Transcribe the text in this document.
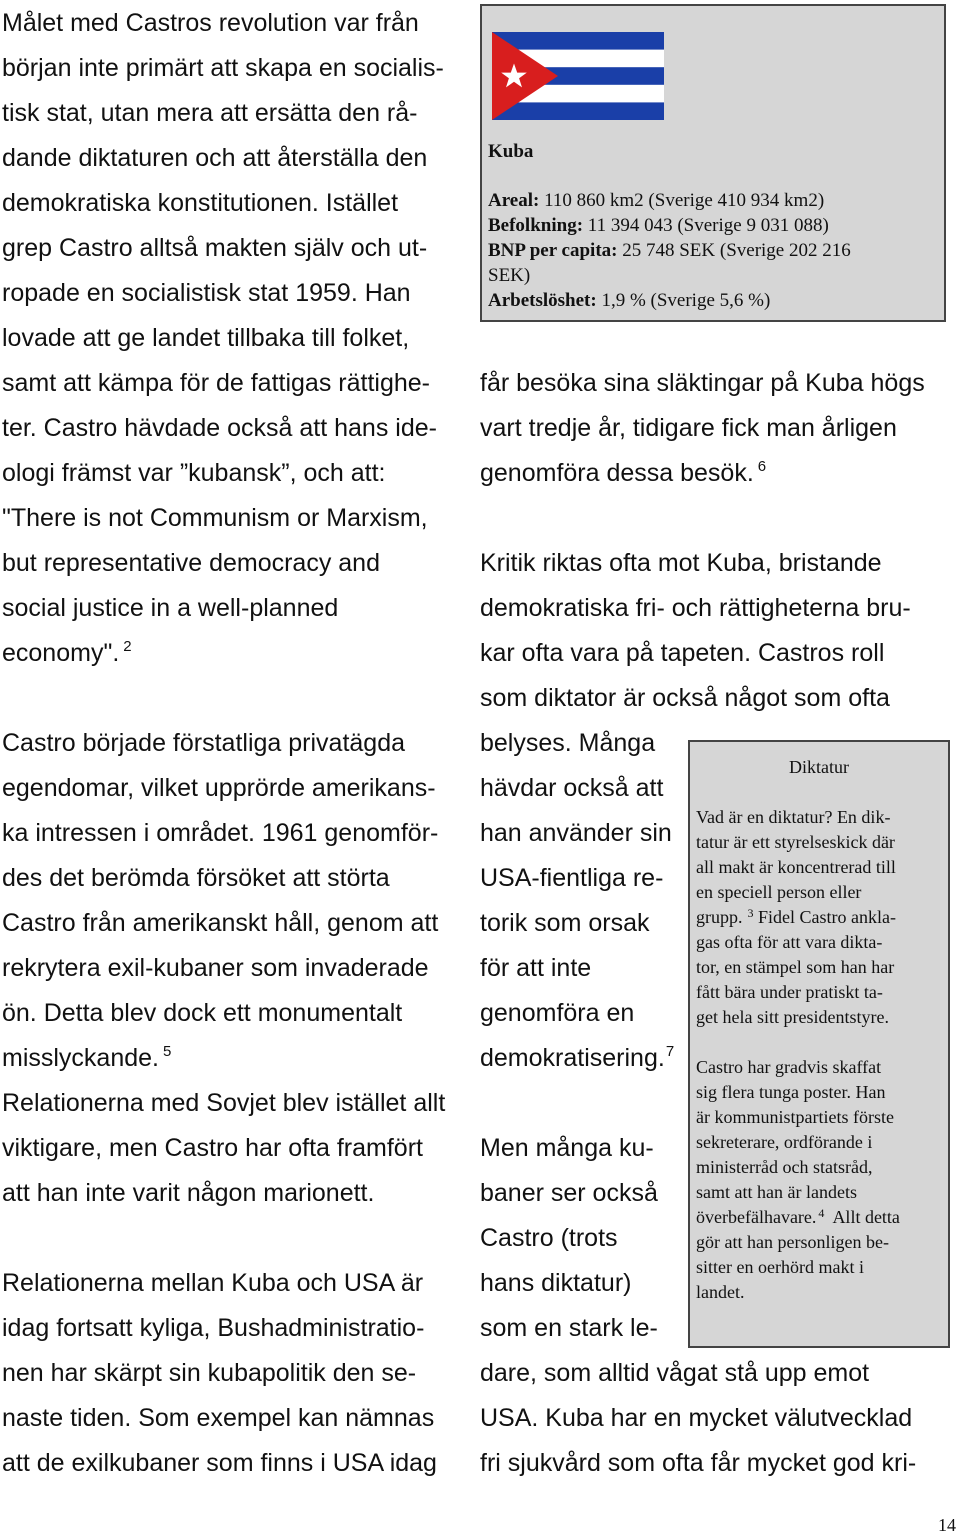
Målet med Castros revolution var från
början inte primärt att skapa en socialis-
tisk stat, utan mera att ersätta den rå-
dande diktaturen och att återställa den
demokratiska konstitutionen. Istället
grep Castro alltså makten själv och ut-
ropade en socialistisk stat 1959. Han
lovade att ge landet tillbaka till folket,
samt att kämpa för de fattigas rättighe-
ter. Castro hävdade också att hans ide-
ologi främst var ”kubansk”, och att:
"There is not Communism or Marxism,
but representative democracy and
social justice in a well-planned
economy". $^2$
Castro började förstatliga privatägda
egendomar, vilket upprörde amerikans-
ka intressen i området. 1961 genomför-
des det berömda försöket att störta
Castro från amerikanskt håll, genom att
rekrytera exil-kubaner som invaderade
ön. Detta blev dock ett monumentalt
misslyckande. $^5$
Relationerna med Sovjet blev istället allt
viktigare, men Castro har ofta framfört
att han inte varit någon marionett.
Relationerna mellan Kuba och USA är
idag fortsatt kyliga, Bushadministratio-
nen har skärpt sin kubapolitik den se-
naste tiden. Som exempel kan nämnas
att de exilkubaner som finns i USA idag
Kuba
Areal: 110 860 km2 (Sverige 410 934 km2)
Befolkning: 11 394 043 (Sverige 9 031 088)
BNP per capita: 25 748 SEK (Sverige 202 216
SEK)
Arbetslöshet: 1,9 % (Sverige 5,6 %)
får besöka sina släktingar på Kuba högs
vart tredje år, tidigare fick man årligen
genomföra dessa besök. $^6$
Kritik riktas ofta mot Kuba, bristande
demokratiska fri- och rättigheterna bru-
kar ofta vara på tapeten. Castros roll
som diktator är också något som ofta
belyses. Många
hävdar också att
han använder sin
USA-fientliga re-
torik som orsak
för att inte
genomföra en
demokratisering.$^7$
Men många ku-
baner ser också
Castro (trots
hans diktatur)
som en stark le-
dare, som alltid vågat stå upp emot
USA. Kuba har en mycket välutvecklad
fri sjukvård som ofta får mycket god kri-
Diktatur
Vad är en diktatur? En dik-
tatur är ett styrelseskick där
all makt är koncentrerad till
en speciell person eller
grupp. $^3$ Fidel Castro ankla-
gas ofta för att vara dikta-
tor, en stämpel som han har
fått bära under pratiskt ta-
get hela sitt presidentstyre.
Castro har gradvis skaffat
sig flera tunga poster. Han
är kommunistpartiets förste
sekreterare, ordförande i
ministerråd och statsråd,
samt att han är landets
överbefälhavare. $^4$ Allt detta
gör att han personligen be-
sitter en oerhörd makt i
landet.
14
